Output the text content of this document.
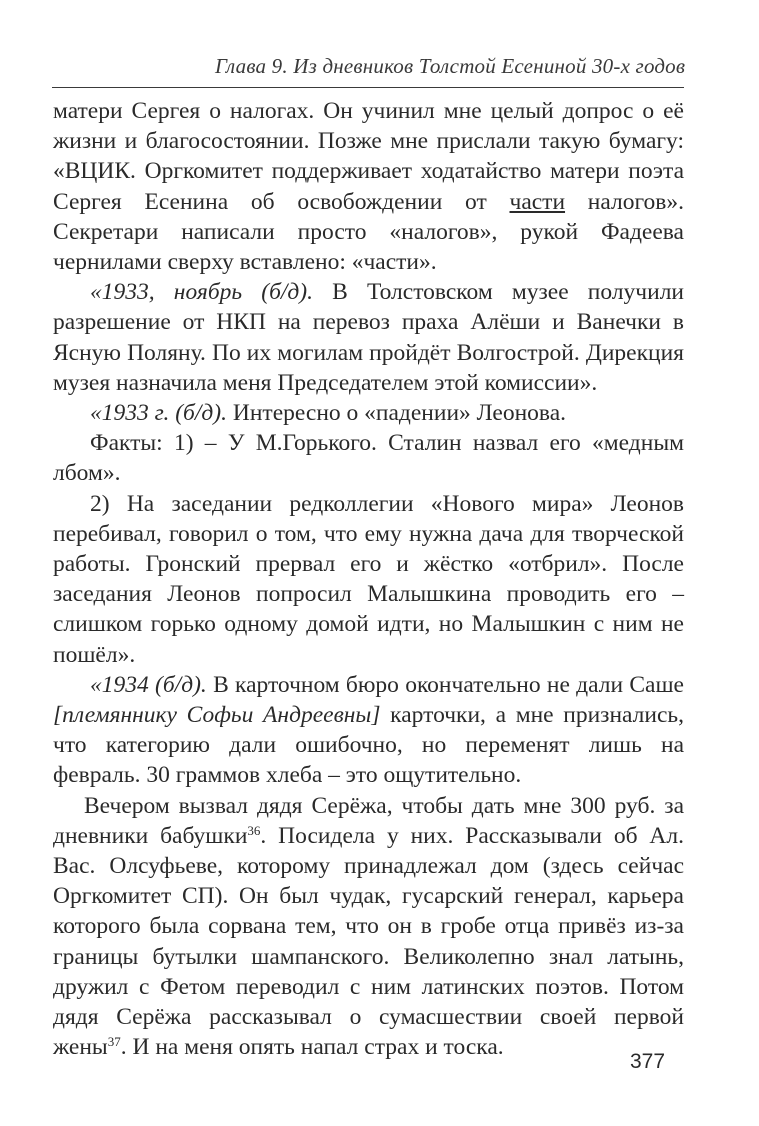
Глава 9. Из дневников Толстой Есениной 30-х годов

матери Сергея о налогах. Он учинил мне целый допрос о её жизни и благосостоянии. Позже мне прислали такую бумагу: «ВЦИК. Оргкомитет поддерживает ходатайство матери поэта Сергея Есенина об освобождении от части налогов». Секретари написали просто «налогов», рукой Фадеева чернилами сверху вставлено: «части».

«1933, ноябрь (б/д). В Толстовском музее получили разрешение от НКП на перевоз праха Алёши и Ванечки в Ясную Поляну. По их могилам пройдёт Волгострой. Дирекция музея назначила меня Председателем этой комиссии».

«1933 г. (б/д). Интересно о «падении» Леонова.

Факты: 1) – У М.Горького. Сталин назвал его «медным лбом».

2) На заседании редколлегии «Нового мира» Леонов перебивал, говорил о том, что ему нужна дача для творческой работы. Гронский прервал его и жёстко «отбрил». После заседания Леонов попросил Малышкина проводить его – слишком горько одному домой идти, но Малышкин с ним не пошёл».

«1934 (б/д). В карточном бюро окончательно не дали Саше [племяннику Софьи Андреевны] карточки, а мне признались, что категорию дали ошибочно, но переменят лишь на февраль. 30 граммов хлеба – это ощутительно.

Вечером вызвал дядя Серёжа, чтобы дать мне 300 руб. за дневники бабушки$^{36}$. Посидела у них. Рассказывали об Ал. Вас. Олсуфьеве, которому принадлежал дом (здесь сейчас Оргкомитет СП). Он был чудак, гусарский генерал, карьера которого была сорвана тем, что он в гробе отца привёз из-за границы бутылки шампанского. Великолепно знал латынь, дружил с Фетом переводил с ним латинских поэтов. Потом дядя Серёжа рассказывал о сумасшествии своей первой жены$^{37}$. И на меня опять напал страх и тоска.

377
